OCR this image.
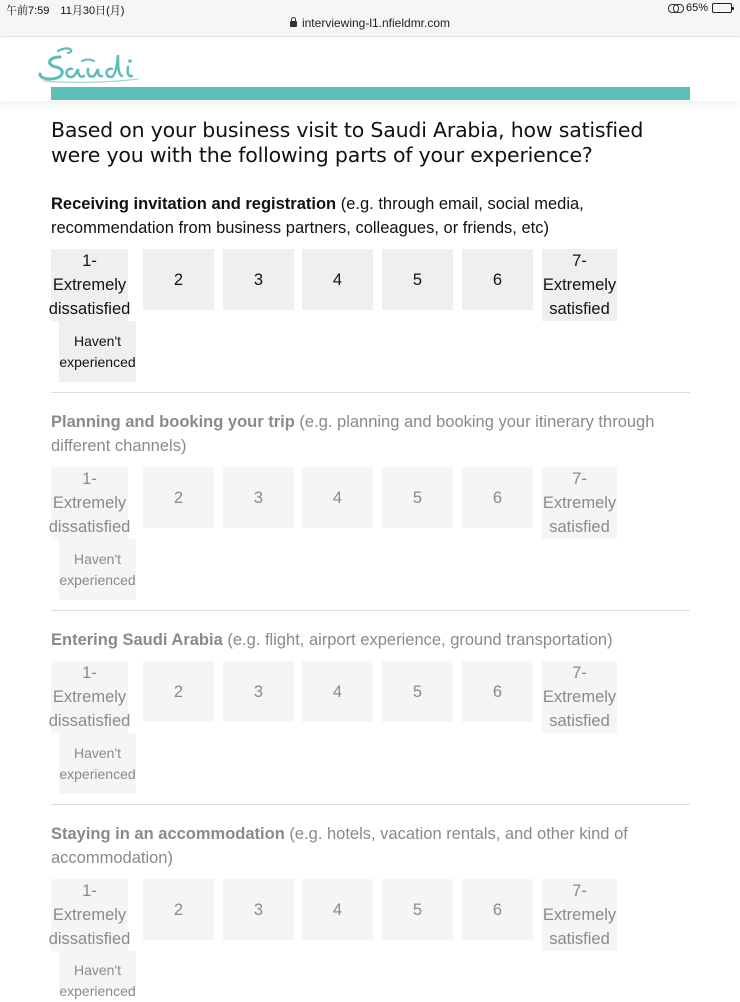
午前7:59　11月30日(月)	65%
interviewing-l1.nfieldmr.com
Based on your business visit to Saudi Arabia, how satisfied were you with the following parts of your experience?
Receiving invitation and registration (e.g. through email, social media, recommendation from business partners, colleagues, or friends, etc)
1-
Extremely
dissatisfied
2	3	4	5	6
7-
Extremely
satisfied
Haven't
experienced
Planning and booking your trip (e.g. planning and booking your itinerary through different channels)
1-
Extremely
dissatisfied
2	3	4	5	6
7-
Extremely
satisfied
Haven't
experienced
Entering Saudi Arabia (e.g. flight, airport experience, ground transportation)
1-
Extremely
dissatisfied
2	3	4	5	6
7-
Extremely
satisfied
Haven't
experienced
Staying in an accommodation (e.g. hotels, vacation rentals, and other kind of accommodation)
1-
Extremely
dissatisfied
2	3	4	5	6
7-
Extremely
satisfied
Haven't
experienced
